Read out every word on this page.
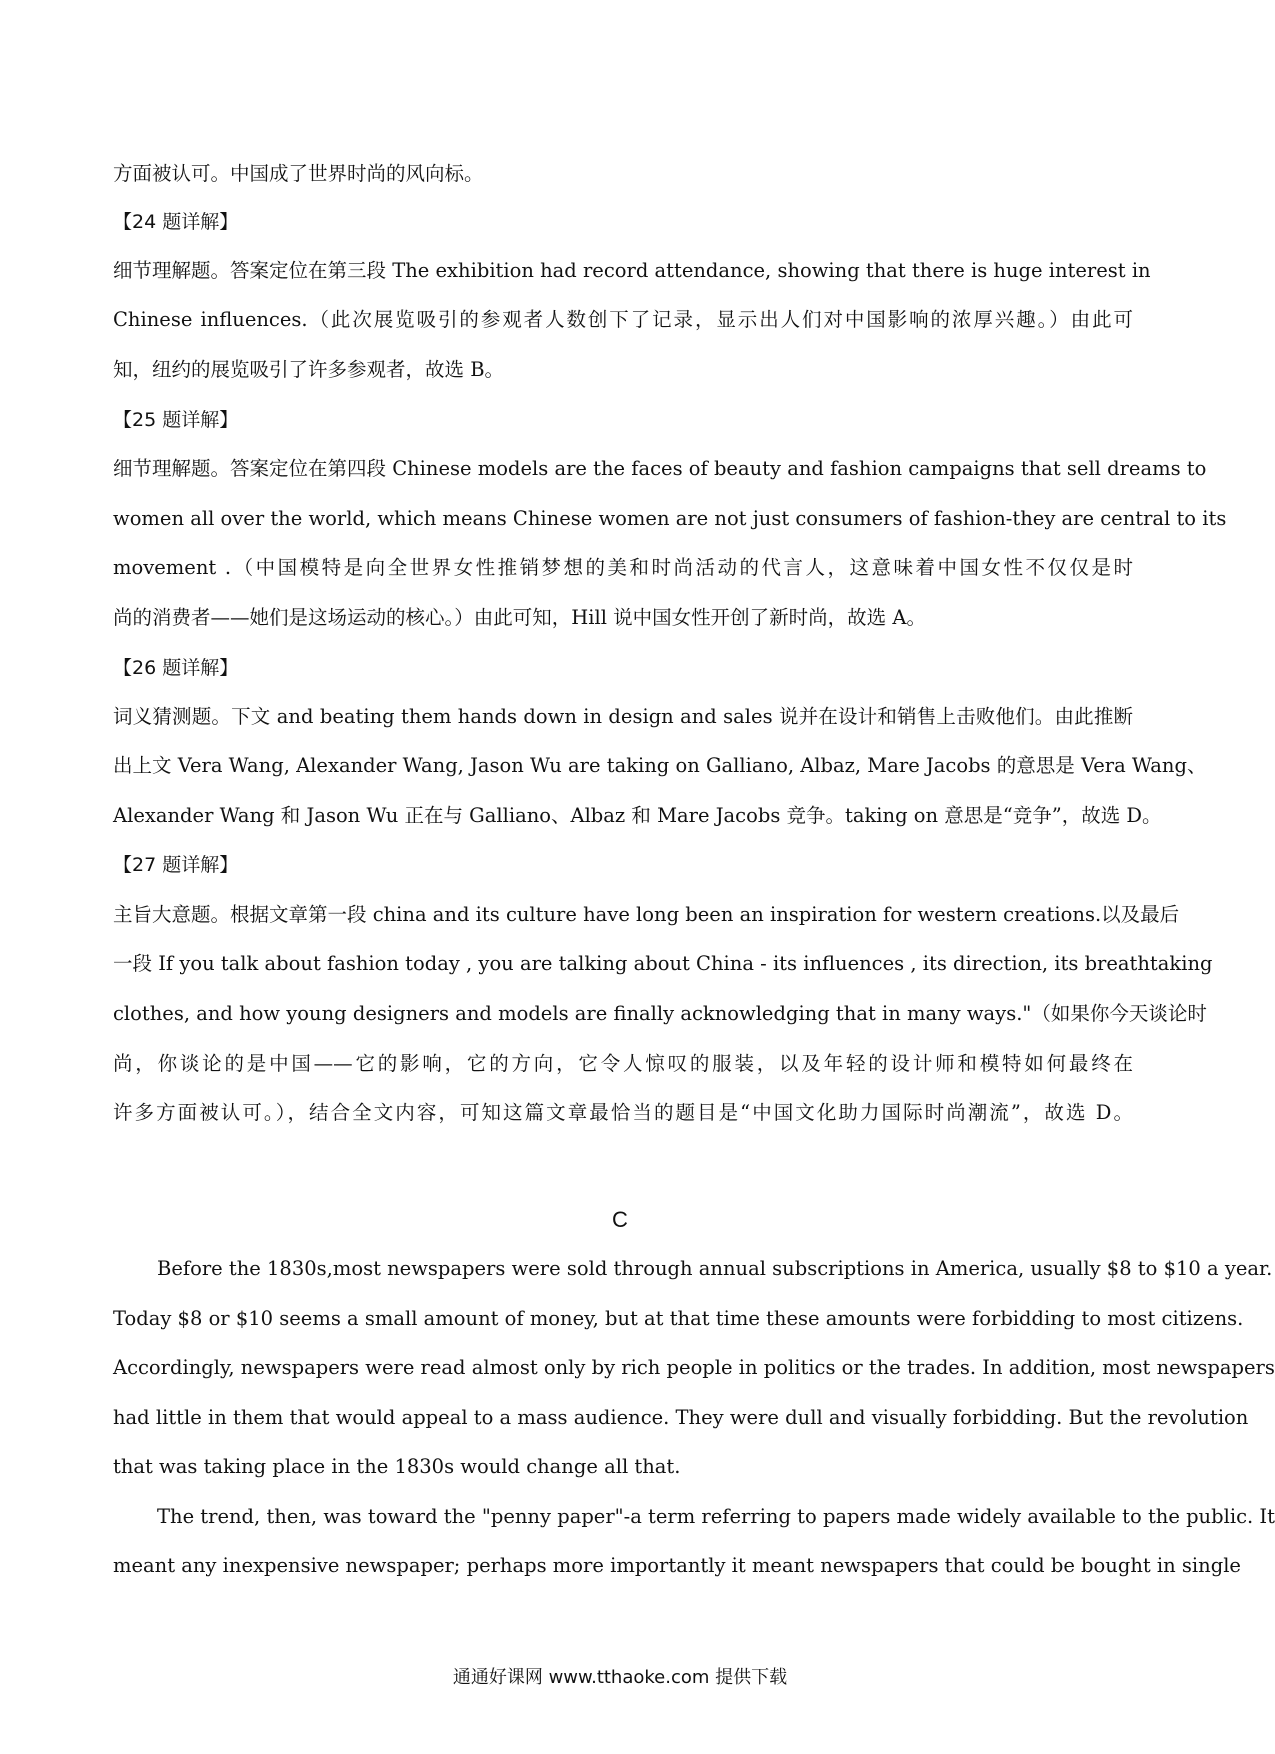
方面被认可。中国成了世界时尚的风向标。
【24 题详解】
细节理解题。答案定位在第三段 The exhibition had record attendance, showing that there is huge interest in
Chinese influences.（此次展览吸引的参观者人数创下了记录，显示出人们对中国影响的浓厚兴趣。）由此可
知，纽约的展览吸引了许多参观者，故选 B。
【25 题详解】
细节理解题。答案定位在第四段 Chinese models are the faces of beauty and fashion campaigns that sell dreams to
women all over the world, which means Chinese women are not just consumers of fashion-they are central to its
movement .（中国模特是向全世界女性推销梦想的美和时尚活动的代言人，这意味着中国女性不仅仅是时
尚的消费者——她们是这场运动的核心。）由此可知，Hill 说中国女性开创了新时尚，故选 A。
【26 题详解】
词义猜测题。下文 and beating them hands down in design and sales 说并在设计和销售上击败他们。由此推断
出上文 Vera Wang, Alexander Wang, Jason Wu are taking on Galliano, Albaz, Mare Jacobs 的意思是 Vera Wang、
Alexander Wang 和 Jason Wu 正在与 Galliano、Albaz 和 Mare Jacobs 竞争。taking on 意思是“竞争”，故选 D。
【27 题详解】
主旨大意题。根据文章第一段 china and its culture have long been an inspiration for western creations.以及最后
一段 If you talk about fashion today , you are talking about China - its influences , its direction, its breathtaking
clothes, and how young designers and models are finally acknowledging that in many ways."（如果你今天谈论时
尚，你谈论的是中国——它的影响，它的方向，它令人惊叹的服装，以及年轻的设计师和模特如何最终在
许多方面被认可。），结合全文内容，可知这篇文章最恰当的题目是“中国文化助力国际时尚潮流”，故选 D。
C
Before the 1830s,most newspapers were sold through annual subscriptions in America, usually $8 to $10 a year.
Today $8 or $10 seems a small amount of money, but at that time these amounts were forbidding to most citizens.
Accordingly, newspapers were read almost only by rich people in politics or the trades. In addition, most newspapers
had little in them that would appeal to a mass audience. They were dull and visually forbidding. But the revolution
that was taking place in the 1830s would change all that.
The trend, then, was toward the "penny paper"-a term referring to papers made widely available to the public. It
meant any inexpensive newspaper; perhaps more importantly it meant newspapers that could be bought in single
通通好课网 www.tthaoke.com 提供下载
